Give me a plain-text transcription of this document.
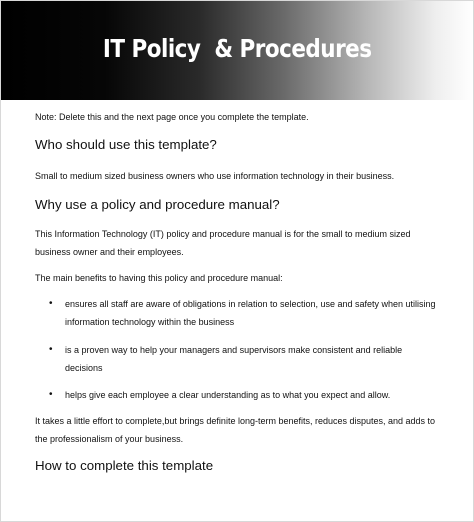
IT Policy  & Procedures
Note: Delete this and the next page once you complete the template.
Who should use this template?
Small to medium sized business owners who use information technology in their business.
Why use a policy and procedure manual?
This Information Technology (IT) policy and procedure manual is for the small to medium sized business owner and their employees.
The main benefits to having this policy and procedure manual:
• ensures all staff are aware of obligations in relation to selection, use and safety when utilising information technology within the business
• is a proven way to help your managers and supervisors make consistent and reliable decisions
• helps give each employee a clear understanding as to what you expect and allow.
It takes a little effort to complete,but brings definite long-term benefits, reduces disputes, and adds to the professionalism of your business.
How to complete this template
